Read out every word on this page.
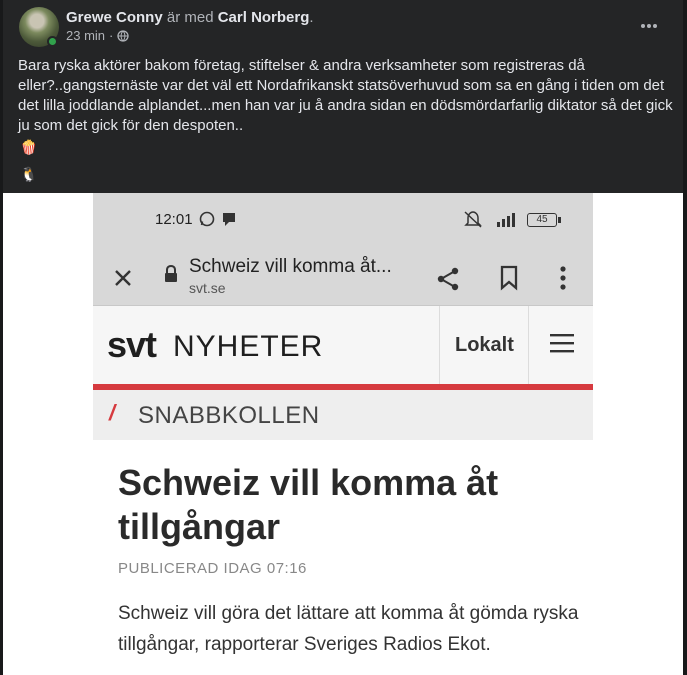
Grewe Conny är med Carl Norberg.
23 min ·
Bara ryska aktörer bakom företag, stiftelser & andra verksamheter som registreras då eller?..gangsternäste var det väl ett Nordafrikanskt statsöverhuvud som sa en gång i tiden om det det lilla joddlande alplandet...men han var ju å andra sidan en dödsmördarfarlig diktator så det gick ju som det gick för den despoten..
🍿
🐧
12:01	45
Schweiz vill komma åt...
svt.se
svt NYHETER	Lokalt
/ SNABBKOLLEN
Schweiz vill komma åt tillgångar
PUBLICERAD IDAG 07:16
Schweiz vill göra det lättare att komma åt gömda ryska tillgångar, rapporterar Sveriges Radios Ekot.
